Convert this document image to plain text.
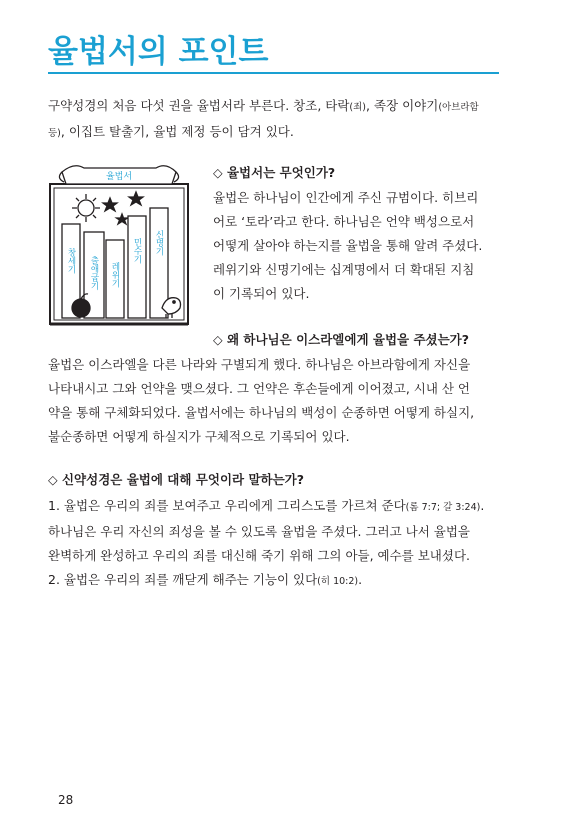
율법서의 포인트

구약성경의 처음 다섯 권을 율법서라 부른다. 창조, 타락(죄), 족장 이야기(아브라함
등), 이집트 탈출기, 율법 제정 등이 담겨 있다.

율법서
창세기 출애굽기 레위기
민수기 신명기

◇ 율법서는 무엇인가?

율법은 하나님이 인간에게 주신 규범이다. 히브리
어로 ‘토라’라고 한다. 하나님은 언약 백성으로서
어떻게 살아야 하는지를 율법을 통해 알려 주셨다.
레위기와 신명기에는 십계명에서 더 확대된 지침
이 기록되어 있다.

◇ 왜 하나님은 이스라엘에게 율법을 주셨는가?

율법은 이스라엘을 다른 나라와 구별되게 했다. 하나님은 아브라함에게 자신을
나타내시고 그와 언약을 맺으셨다. 그 언약은 후손들에게 이어졌고, 시내 산 언
약을 통해 구체화되었다. 율법서에는 하나님의 백성이 순종하면 어떻게 하실지,
불순종하면 어떻게 하실지가 구체적으로 기록되어 있다.

◇ 신약성경은 율법에 대해 무엇이라 말하는가?

1. 율법은 우리의 죄를 보여주고 우리에게 그리스도를 가르쳐 준다(롬 7:7; 갈 3:24).
하나님은 우리 자신의 죄성을 볼 수 있도록 율법을 주셨다. 그러고 나서 율법을
완벽하게 완성하고 우리의 죄를 대신해 죽기 위해 그의 아들, 예수를 보내셨다.
2. 율법은 우리의 죄를 깨닫게 해주는 기능이 있다(히 10:2).

28
